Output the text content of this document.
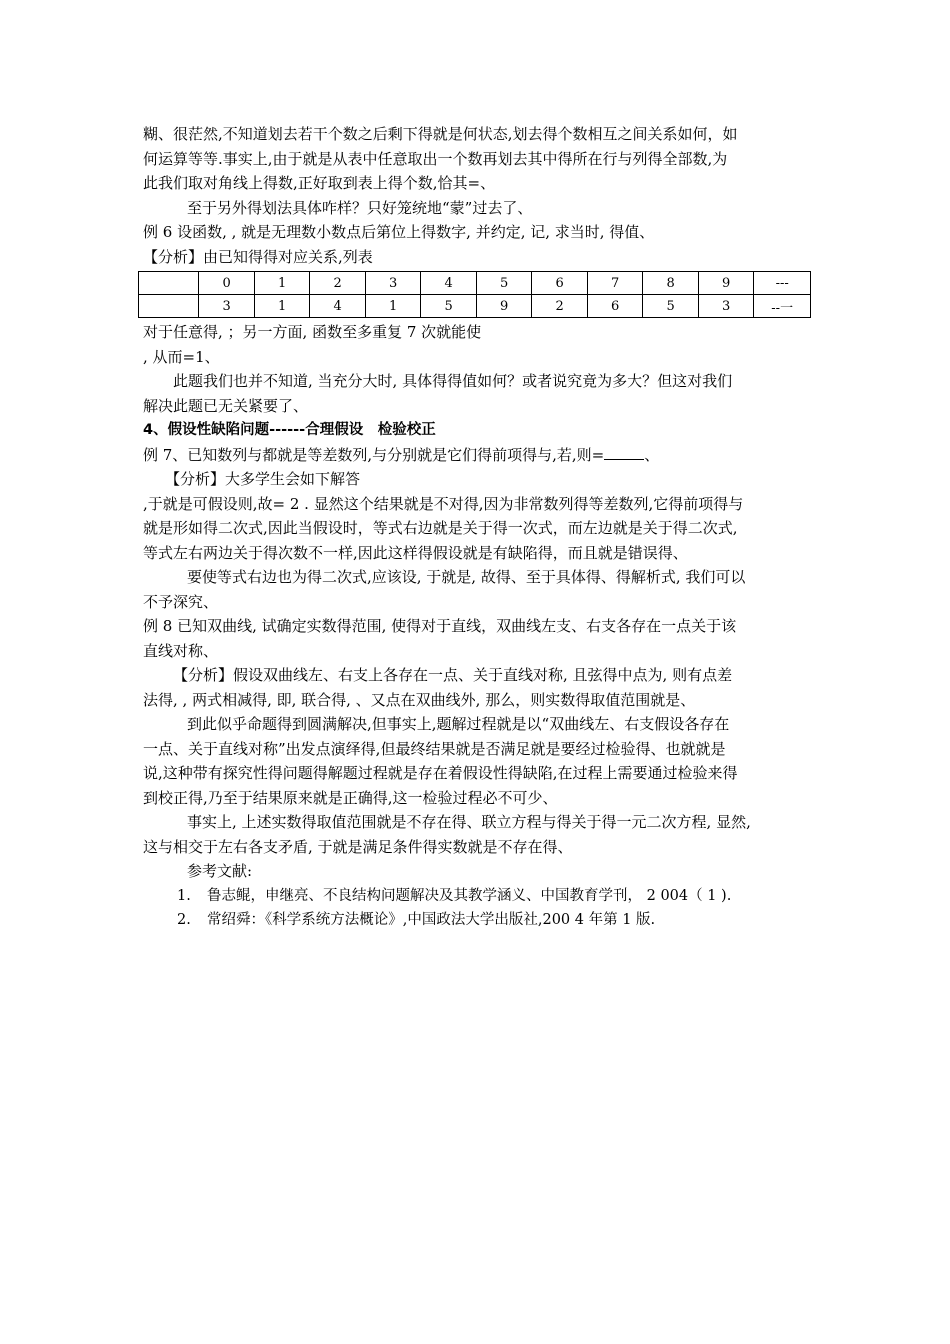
糊、很茫然,不知道划去若干个数之后剩下得就是何状态,划去得个数相互之间关系如何，如
何运算等等.事实上,由于就是从表中任意取出一个数再划去其中得所在行与列得全部数,为
此我们取对角线上得数,正好取到表上得个数,恰其=、
至于另外得划法具体咋样？只好笼统地“蒙”过去了、
例 6 设函数, , 就是无理数小数点后第位上得数字, 并约定, 记, 求当时, 得值、
【分析】由已知得得对应关系,列表
	0	1	2	3	4	5	6	7	8	9	---
	3	1	4	1	5	9	2	6	5	3	--一
对于任意得, ；另一方面, 函数至多重复 7 次就能使
, 从而=1、
此题我们也并不知道, 当充分大时, 具体得得值如何？或者说究竟为多大？但这对我们
解决此题已无关紧要了、
4、假设性缺陷问题------合理假设　检验校正
例 7、已知数列与都就是等差数列,与分别就是它们得前项得与,若,则=	、
【分析】大多学生会如下解答
,于就是可假设则,故= 2 . 显然这个结果就是不对得,因为非常数列得等差数列,它得前项得与
就是形如得二次式,因此当假设时，等式右边就是关于得一次式，而左边就是关于得二次式,
等式左右两边关于得次数不一样,因此这样得假设就是有缺陷得，而且就是错误得、
要使等式右边也为得二次式,应该设, 于就是, 故得、至于具体得、得解析式, 我们可以
不予深究、
例 8 已知双曲线, 试确定实数得范围, 使得对于直线，双曲线左支、右支各存在一点关于该
直线对称、
【分析】假设双曲线左、右支上各存在一点、关于直线对称, 且弦得中点为, 则有点差
法得, , 两式相减得, 即, 联合得, 、又点在双曲线外, 那么，则实数得取值范围就是、
到此似乎命题得到圆满解决,但事实上,题解过程就是以“双曲线左、右支假设各存在
一点、关于直线对称”出发点演绎得,但最终结果就是否满足就是要经过检验得、也就就是
说,这种带有探究性得问题得解题过程就是存在着假设性得缺陷,在过程上需要通过检验来得
到校正得,乃至于结果原来就是正确得,这一检验过程必不可少、
事实上, 上述实数得取值范围就是不存在得、联立方程与得关于得一元二次方程, 显然,
这与相交于左右各支矛盾, 于就是满足条件得实数就是不存在得、
参考文献:
1. 鲁志鲲，申继亮、不良结构问题解决及其教学涵义、中国教育学刊， 2 004（ 1 ).
2. 常绍舜：《科学系统方法概论》,中国政法大学出版社,200 4 年第 1 版.
